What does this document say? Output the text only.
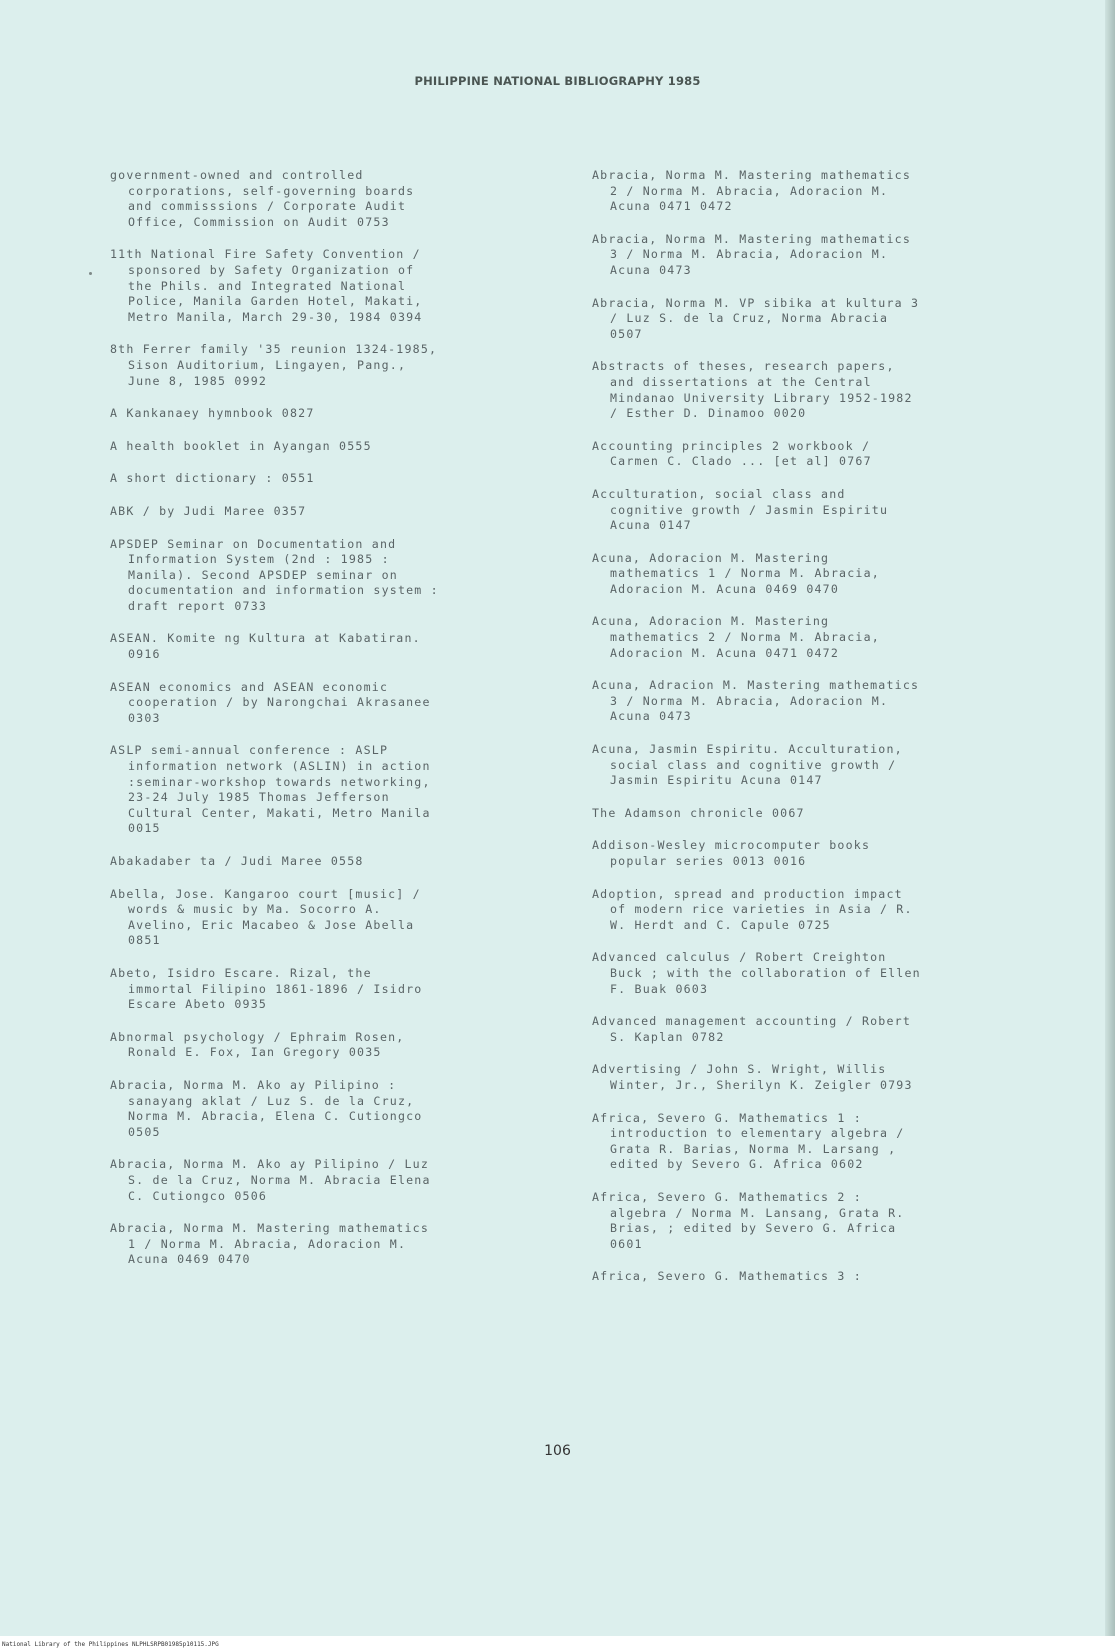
PHILIPPINE NATIONAL BIBLIOGRAPHY 1985
government-owned and controlled
corporations, self-governing boards
and commisssions / Corporate Audit
Office, Commission on Audit 0753
11th National Fire Safety Convention /
sponsored by Safety Organization of
the Phils. and Integrated National
Police, Manila Garden Hotel, Makati,
Metro Manila, March 29-30, 1984 0394
8th Ferrer family '35 reunion 1324-1985,
Sison Auditorium, Lingayen, Pang.,
June 8, 1985 0992
A Kankanaey hymnbook 0827
A health booklet in Ayangan 0555
A short dictionary : 0551
ABK / by Judi Maree 0357
APSDEP Seminar on Documentation and
Information System (2nd : 1985 :
Manila). Second APSDEP seminar on
documentation and information system :
draft report 0733
ASEAN. Komite ng Kultura at Kabatiran.
0916
ASEAN economics and ASEAN economic
cooperation / by Narongchai Akrasanee
0303
ASLP semi-annual conference : ASLP
information network (ASLIN) in action
:seminar-workshop towards networking,
23-24 July 1985 Thomas Jefferson
Cultural Center, Makati, Metro Manila
0015
Abakadaber ta / Judi Maree 0558
Abella, Jose. Kangaroo court [music] /
words & music by Ma. Socorro A.
Avelino, Eric Macabeo & Jose Abella
0851
Abeto, Isidro Escare. Rizal, the
immortal Filipino 1861-1896 / Isidro
Escare Abeto 0935
Abnormal psychology / Ephraim Rosen,
Ronald E. Fox, Ian Gregory 0035
Abracia, Norma M. Ako ay Pilipino :
sanayang aklat / Luz S. de la Cruz,
Norma M. Abracia, Elena C. Cutiongco
0505
Abracia, Norma M. Ako ay Pilipino / Luz
S. de la Cruz, Norma M. Abracia Elena
C. Cutiongco 0506
Abracia, Norma M. Mastering mathematics
1 / Norma M. Abracia, Adoracion M.
Acuna 0469 0470
Abracia, Norma M. Mastering mathematics
2 / Norma M. Abracia, Adoracion M.
Acuna 0471 0472
Abracia, Norma M. Mastering mathematics
3 / Norma M. Abracia, Adoracion M.
Acuna 0473
Abracia, Norma M. VP sibika at kultura 3
/ Luz S. de la Cruz, Norma Abracia
0507
Abstracts of theses, research papers,
and dissertations at the Central
Mindanao University Library 1952-1982
/ Esther D. Dinamoo 0020
Accounting principles 2 workbook /
Carmen C. Clado ... [et al] 0767
Acculturation, social class and
cognitive growth / Jasmin Espiritu
Acuna 0147
Acuna, Adoracion M. Mastering
mathematics 1 / Norma M. Abracia,
Adoracion M. Acuna 0469 0470
Acuna, Adoracion M. Mastering
mathematics 2 / Norma M. Abracia,
Adoracion M. Acuna 0471 0472
Acuna, Adracion M. Mastering mathematics
3 / Norma M. Abracia, Adoracion M.
Acuna 0473
Acuna, Jasmin Espiritu. Acculturation,
social class and cognitive growth /
Jasmin Espiritu Acuna 0147
The Adamson chronicle 0067
Addison-Wesley microcomputer books
popular series 0013 0016
Adoption, spread and production impact
of modern rice varieties in Asia / R.
W. Herdt and C. Capule 0725
Advanced calculus / Robert Creighton
Buck ; with the collaboration of Ellen
F. Buak 0603
Advanced management accounting / Robert
S. Kaplan 0782
Advertising / John S. Wright, Willis
Winter, Jr., Sherilyn K. Zeigler 0793
Africa, Severo G. Mathematics 1 :
introduction to elementary algebra /
Grata R. Barias, Norma M. Larsang ,
edited by Severo G. Africa 0602
Africa, Severo G. Mathematics 2 :
algebra / Norma M. Lansang, Grata R.
Brias, ; edited by Severo G. Africa
0601
Africa, Severo G. Mathematics 3 :
106
National Library of the Philippines NLPHLSRPB01985p10115.JPG
